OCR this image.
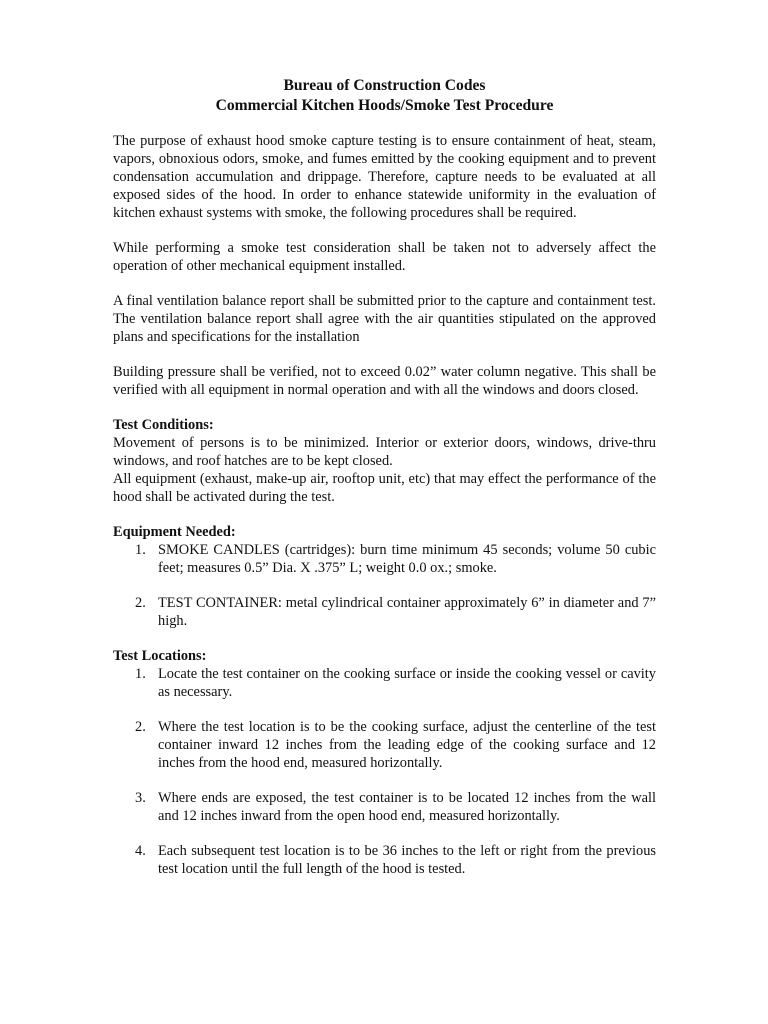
Bureau of Construction Codes
Commercial Kitchen Hoods/Smoke Test Procedure

The purpose of exhaust hood smoke capture testing is to ensure containment of heat, steam, vapors, obnoxious odors, smoke, and fumes emitted by the cooking equipment and to prevent condensation accumulation and drippage. Therefore, capture needs to be evaluated at all exposed sides of the hood. In order to enhance statewide uniformity in the evaluation of kitchen exhaust systems with smoke, the following procedures shall be required.

While performing a smoke test consideration shall be taken not to adversely affect the operation of other mechanical equipment installed.

A final ventilation balance report shall be submitted prior to the capture and containment test. The ventilation balance report shall agree with the air quantities stipulated on the approved plans and specifications for the installation

Building pressure shall be verified, not to exceed 0.02” water column negative. This shall be verified with all equipment in normal operation and with all the windows and doors closed.

Test Conditions:
Movement of persons is to be minimized. Interior or exterior doors, windows, drive-thru windows, and roof hatches are to be kept closed.
All equipment (exhaust, make-up air, rooftop unit, etc) that may effect the performance of the hood shall be activated during the test.
Equipment Needed:
1. SMOKE CANDLES (cartridges): burn time minimum 45 seconds; volume 50 cubic feet; measures 0.5” Dia. X .375” L; weight 0.0 ox.; smoke.
2. TEST CONTAINER: metal cylindrical container approximately 6” in diameter and 7” high.
Test Locations:
1. Locate the test container on the cooking surface or inside the cooking vessel or cavity as necessary.
2. Where the test location is to be the cooking surface, adjust the centerline of the test container inward 12 inches from the leading edge of the cooking surface and 12 inches from the hood end, measured horizontally.
3. Where ends are exposed, the test container is to be located 12 inches from the wall and 12 inches inward from the open hood end, measured horizontally.
4. Each subsequent test location is to be 36 inches to the left or right from the previous test location until the full length of the hood is tested.
